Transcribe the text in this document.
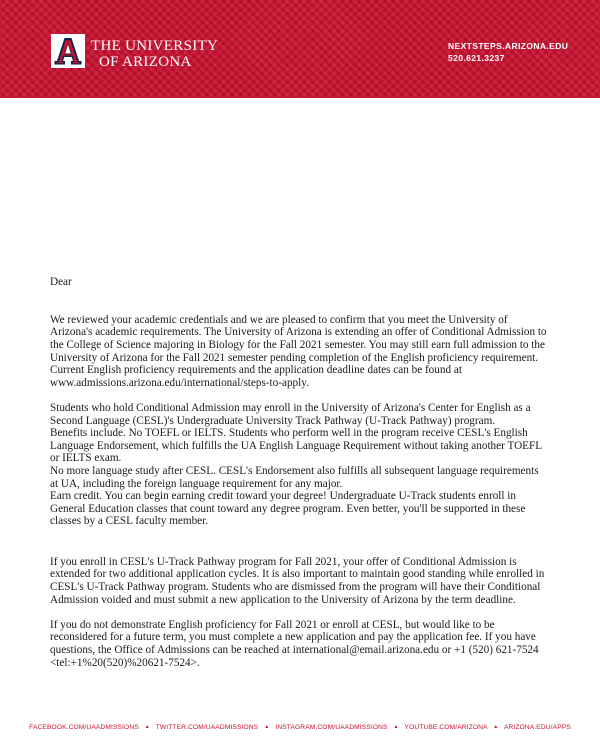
THE UNIVERSITY
OF ARIZONA
NEXTSTEPS.ARIZONA.EDU
520.621.3237

Dear

We reviewed your academic credentials and we are pleased to confirm that you meet the University of
Arizona's academic requirements. The University of Arizona is extending an offer of Conditional Admission to
the College of Science majoring in Biology for the Fall 2021 semester. You may still earn full admission to the
University of Arizona for the Fall 2021 semester pending completion of the English proficiency requirement.
Current English proficiency requirements and the application deadline dates can be found at
www.admissions.arizona.edu/international/steps-to-apply.

Students who hold Conditional Admission may enroll in the University of Arizona's Center for English as a
Second Language (CESL)'s Undergraduate University Track Pathway (U-Track Pathway) program.
Benefits include. No TOEFL or IELTS. Students who perform well in the program receive CESL's English
Language Endorsement, which fulfills the UA English Language Requirement without taking another TOEFL
or IELTS exam.
No more language study after CESL. CESL's Endorsement also fulfills all subsequent language requirements
at UA, including the foreign language requirement for any major.
Earn credit. You can begin earning credit toward your degree! Undergraduate U-Track students enroll in
General Education classes that count toward any degree program. Even better, you'll be supported in these
classes by a CESL faculty member.

If you enroll in CESL's U-Track Pathway program for Fall 2021, your offer of Conditional Admission is
extended for two additional application cycles. It is also important to maintain good standing while enrolled in
CESL's U-Track Pathway program. Students who are dismissed from the program will have their Conditional
Admission voided and must submit a new application to the University of Arizona by the term deadline.

If you do not demonstrate English proficiency for Fall 2021 or enroll at CESL, but would like to be
reconsidered for a future term, you must complete a new application and pay the application fee. If you have
questions, the Office of Admissions can be reached at international@email.arizona.edu or +1 (520) 621-7524
<tel:+1%20(520)%20621-7524>.

FACEBOOK.COM/UAADMISSIONS ▲ TWITTER.COM/UAADMISSIONS ▲ INSTAGRAM.COM/UAADMISSIONS ▲ YOUTUBE.COM/ARIZONA ▲ ARIZONA.EDU/APPS
